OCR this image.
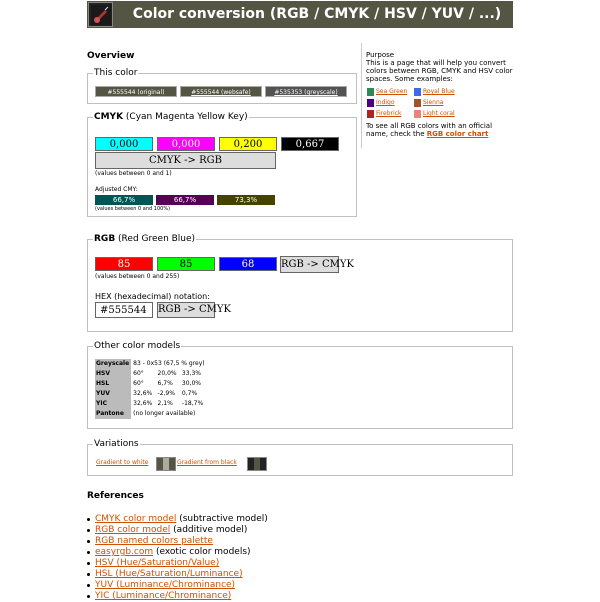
Color conversion (RGB / CMYK / HSV / YUV / ...)
Overview
This color
#555544 (original)	#555544 (websafe)	#535353 (greyscale)
CMYK (Cyan Magenta Yellow Key)
0,000	0,000	0,200	0,667
CMYK -> RGB
(values between 0 and 1)
Adjusted CMY:
66,7%	66,7%	73,3%
(values between 0 and 100%)
RGB (Red Green Blue)
85	85	68	RGB -> CMYK
(values between 0 and 255)
HEX (hexadecimal) notation:
#555544	RGB -> CMYK
Other color models
Greyscale	83 - 0x53 (67,5 % grey)		
HSV	60°	20,0%	33,3%
HSL	60°	6,7%	30,0%
YUV	32,6%	-2,9%	0,7%
YIC	32,6%	2,1%	-18,7%
Pantone	(no longer available)		
Variations
Gradient to white	Gradient from black
Purpose
This is a page that will help you convert colors between RGB, CMYK and HSV color spaces. Some examples:
Sea Green	Royal Blue
Indigo	Sienna
Firebrick	Light coral
To see all RGB colors with an official name, check the RGB color chart
References
CMYK color model (subtractive model)
RGB color model (additive model)
RGB named colors palette
easyrgb.com (exotic color models)
HSV (Hue/Saturation/Value)
HSL (Hue/Saturation/Luminance)
YUV (Luminance/Chrominance)
YIC (Luminance/Chrominance)
